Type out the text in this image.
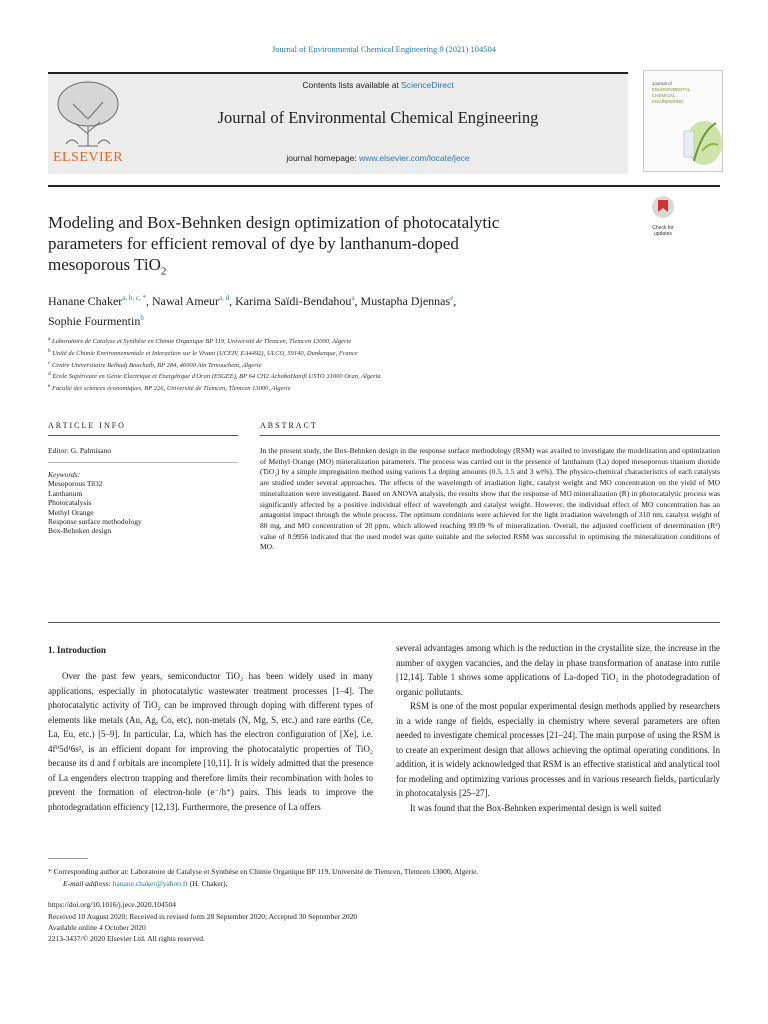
Journal of Environmental Chemical Engineering 9 (2021) 104504
ELSEVIER
Contents lists available at ScienceDirect
Journal of Environmental Chemical Engineering
journal homepage: www.elsevier.com/locate/jece
Journal of
ENVIRONMENTAL
CHEMICAL
ENGINEERING
Modeling and Box-Behnken design optimization of photocatalytic
parameters for efficient removal of dye by lanthanum-doped
mesoporous TiO$_2$
Check for
updates
Hanane Chaker$^{a, b, c, *}$, Nawal Ameur$^{a, d}$, Karima Saïdi-Bendahou$^a$, Mustapha Djennas$^e$,
Sophie Fourmentin$^b$
$^a$ Laboratoire de Catalyse et Synthèse en Chimie Organique BP 119, Université de Tlemcen, Tlemcen 13000, Algerie
$^b$ Unité de Chimie Environnementale et Interaction sur le Vivant (UCEIV, EA4492), ULCO, 59140, Dunkerque, France
$^c$ Centre Universitaire Belhadj Bouchaib, BP 284, 46000 Ain Temouchent, Algerie
$^d$ Ecole Supérieure en Génie Electrique et Energétique d'Oran (ESGEE), BP 64 CH2 AchabaHanifi USTO 31000 Oran, Algeria
$^e$ Faculté des sciences économiques, BP 226, Université de Tlemcen, Tlemcen 13000, Algerie
ARTICLE INFO	ABSTRACT
Editor: G. Palmisano
Keywords:
Mesoporous TiO2
Lanthanum
Photocatalysis
Methyl Orange
Response surface methodology
Box-Behnken design
In the present study, the Box-Behnken design in the response surface methodology (RSM) was availed to investigate the modelization and optimization of Methyl Orange (MO) mineralization parameters. The process was carried out in the presence of lanthanum (La) doped mesoporous titanium dioxide (TiO₂) by a simple impregnation method using various La doping amounts (0.5, 1.5 and 3 wt%). The physico-chemical characteristics of each catalysts are studied under several approaches. The effects of the wavelength of irradiation light, catalyst weight and MO concentration on the yield of MO mineralization were investigated. Based on ANOVA analysis, the results show that the response of MO mineralization (R) in photocatalytic process was significantly affected by a positive individual effect of wavelength and catalyst weight. However, the individual effect of MO concentration has an antagonist impact through the whole process. The optimum conditions were achieved for the light irradiation wavelength of 310 nm, catalyst weight of 80 mg, and MO concentration of 20 ppm, which allowed reaching 99.09 % of mineralization. Overall, the adjusted coefficient of determination (R²) value of 0.9956 indicated that the used model was quite suitable and the selected RSM was successful in optimising the mineralization conditions of MO.
1. Introduction

Over the past few years, semiconductor TiO₂ has been widely used in many applications, especially in photocatalytic wastewater treatment processes [1–4]. The photocatalytic activity of TiO₂ can be improved through doping with different types of elements like metals (Au, Ag, Co, etc), non-metals (N, Mg, S, etc.) and rare earths (Ce, La, Eu, etc.) [5–9]. In particular, La, which has the electron configuration of [Xe], i.e. 4f⁰5d¹6s², is an efficient dopant for improving the photocatalytic properties of TiO₂ because its d and f orbitals are incomplete [10,11]. It is widely admitted that the presence of La engenders electron trapping and therefore limits their recombination with holes to prevent the formation of electron-hole (e⁻/h⁺) pairs. This leads to improve the photodegradation efficiency [12,13]. Furthermore, the presence of La offers

several advantages among which is the reduction in the crystallite size, the increase in the number of oxygen vacancies, and the delay in phase transformation of anatase into rutile [12,14]. Table 1 shows some applications of La-doped TiO₂ in the photodegradation of organic pollutants.

RSM is one of the most popular experimental design methods applied by researchers in a wide range of fields, especially in chemistry where several parameters are often needed to investigate chemical processes [21–24]. The main purpose of using the RSM is to create an experiment design that allows achieving the optimal operating conditions. In addition, it is widely acknowledged that RSM is an effective statistical and analytical tool for modeling and optimizing various processes and in various research fields, particularly in photocatalysis [25–27].

It was found that the Box-Behnken experimental design is well suited

* Corresponding author at: Laboratoire de Catalyse et Synthèse en Chimie Organique BP 119, Université de Tlemcen, Tlemcen 13000, Algerie.
E-mail address: hanane.chaker@yahoo.fr (H. Chaker).
https://doi.org/10.1016/j.jece.2020.104504
Received 10 August 2020; Received in revised form 28 September 2020; Accepted 30 September 2020
Available online 4 October 2020
2213-3437/© 2020 Elsevier Ltd. All rights reserved.
